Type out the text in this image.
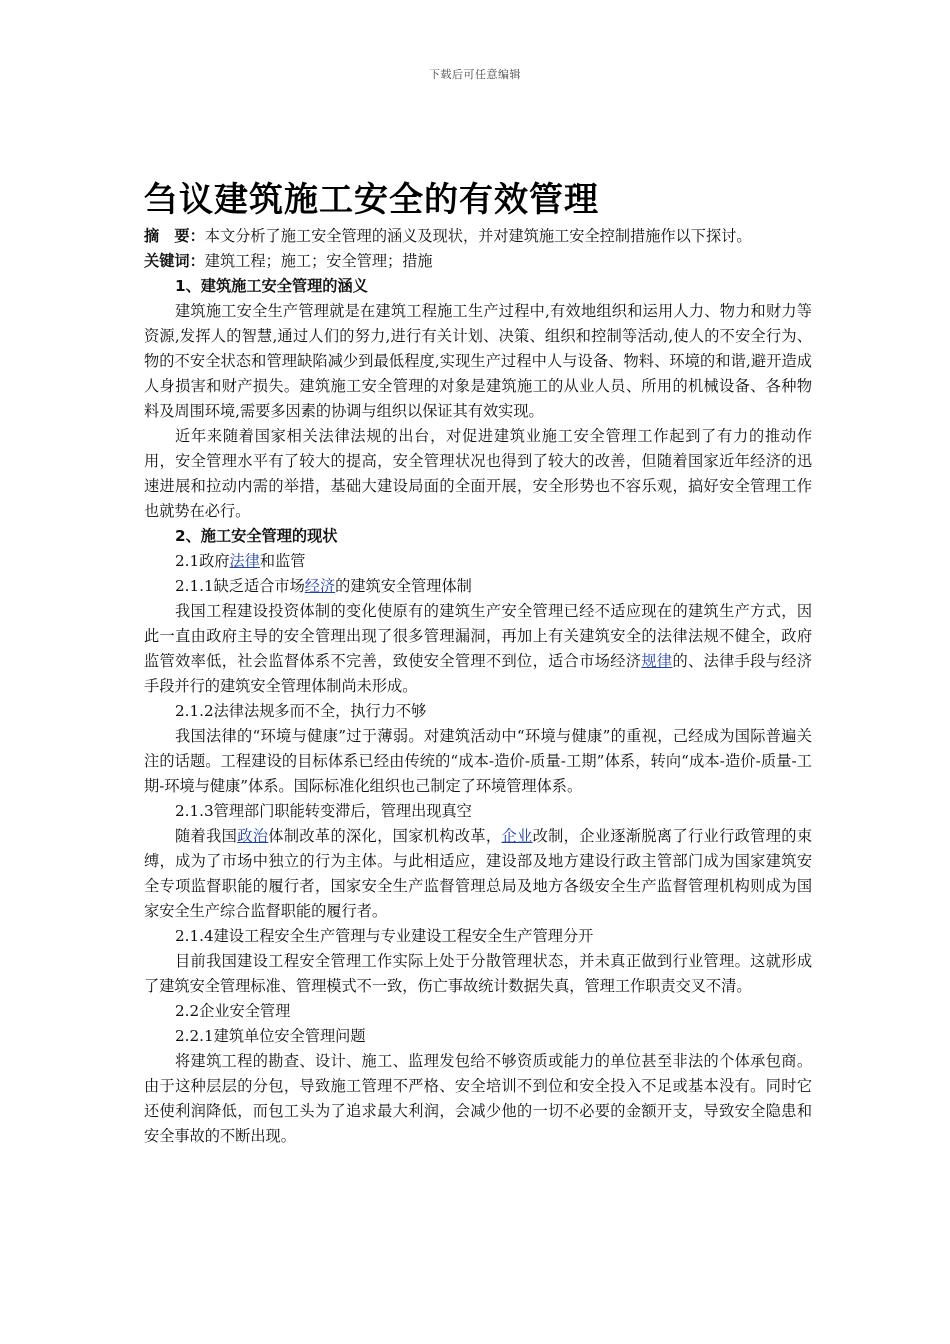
下载后可任意编辑
刍议建筑施工安全的有效管理

摘　要：本文分析了施工安全管理的涵义及现状，并对建筑施工安全控制措施作以下探讨。

关键词：建筑工程；施工；安全管理；措施

1、建筑施工安全管理的涵义

建筑施工安全生产管理就是在建筑工程施工生产过程中,有效地组织和运用人力、物力和财力等资源,发挥人的智慧,通过人们的努力,进行有关计划、决策、组织和控制等活动,使人的不安全行为、物的不安全状态和管理缺陷减少到最低程度,实现生产过程中人与设备、物料、环境的和谐,避开造成人身损害和财产损失。建筑施工安全管理的对象是建筑施工的从业人员、所用的机械设备、各种物料及周围环境,需要多因素的协调与组织以保证其有效实现。

近年来随着国家相关法律法规的出台，对促进建筑业施工安全管理工作起到了有力的推动作用，安全管理水平有了较大的提高，安全管理状况也得到了较大的改善，但随着国家近年经济的迅速进展和拉动内需的举措，基础大建设局面的全面开展，安全形势也不容乐观，搞好安全管理工作也就势在必行。

2、施工安全管理的现状

2.1政府法律和监管

2.1.1缺乏适合市场经济的建筑安全管理体制

我国工程建设投资体制的变化使原有的建筑生产安全管理已经不适应现在的建筑生产方式，因此一直由政府主导的安全管理出现了很多管理漏洞，再加上有关建筑安全的法律法规不健全，政府监管效率低，社会监督体系不完善，致使安全管理不到位，适合市场经济规律的、法律手段与经济手段并行的建筑安全管理体制尚未形成。

2.1.2法律法规多而不全，执行力不够

我国法律的“环境与健康”过于薄弱。对建筑活动中“环境与健康”的重视，己经成为国际普遍关注的话题。工程建设的目标体系已经由传统的“成本-造价-质量-工期”体系，转向“成本-造价-质量-工期-环境与健康”体系。国际标准化组织也己制定了环境管理体系。

2.1.3管理部门职能转变滞后，管理出现真空

随着我国政治体制改革的深化，国家机构改革，企业改制，企业逐渐脱离了行业行政管理的束缚，成为了市场中独立的行为主体。与此相适应，建设部及地方建设行政主管部门成为国家建筑安全专项监督职能的履行者，国家安全生产监督管理总局及地方各级安全生产监督管理机构则成为国家安全生产综合监督职能的履行者。

2.1.4建设工程安全生产管理与专业建设工程安全生产管理分开

目前我国建设工程安全管理工作实际上处于分散管理状态，并未真正做到行业管理。这就形成了建筑安全管理标准、管理模式不一致，伤亡事故统计数据失真，管理工作职责交叉不清。

2.2企业安全管理

2.2.1建筑单位安全管理问题

将建筑工程的勘查、设计、施工、监理发包给不够资质或能力的单位甚至非法的个体承包商。由于这种层层的分包，导致施工管理不严格、安全培训不到位和安全投入不足或基本没有。同时它还使利润降低，而包工头为了追求最大利润，会减少他的一切不必要的金额开支，导致安全隐患和安全事故的不断出现。
